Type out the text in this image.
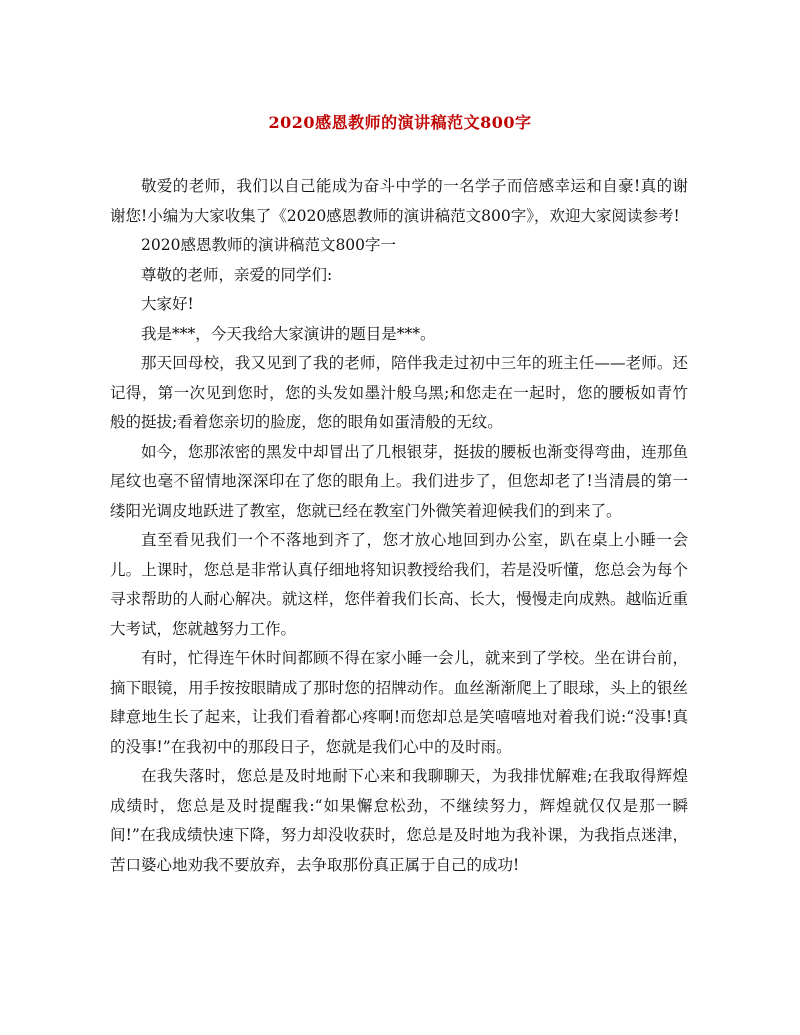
2020感恩教师的演讲稿范文800字

敬爱的老师，我们以自己能成为奋斗中学的一名学子而倍感幸运和自豪!真的谢谢您!小编为大家收集了《2020感恩教师的演讲稿范文800字》，欢迎大家阅读参考!

2020感恩教师的演讲稿范文800字一

尊敬的老师，亲爱的同学们:

大家好!

我是***，今天我给大家演讲的题目是***。

那天回母校，我又见到了我的老师，陪伴我走过初中三年的班主任——老师。还记得，第一次见到您时，您的头发如墨汁般乌黑;和您走在一起时，您的腰板如青竹般的挺拔;看着您亲切的脸庞，您的眼角如蛋清般的无纹。

如今，您那浓密的黑发中却冒出了几根银芽，挺拔的腰板也渐变得弯曲，连那鱼尾纹也毫不留情地深深印在了您的眼角上。我们进步了，但您却老了!当清晨的第一缕阳光调皮地跃进了教室，您就已经在教室门外微笑着迎候我们的到来了。

直至看见我们一个不落地到齐了，您才放心地回到办公室，趴在桌上小睡一会儿。上课时，您总是非常认真仔细地将知识教授给我们，若是没听懂，您总会为每个寻求帮助的人耐心解决。就这样，您伴着我们长高、长大，慢慢走向成熟。越临近重大考试，您就越努力工作。

有时，忙得连午休时间都顾不得在家小睡一会儿，就来到了学校。坐在讲台前，摘下眼镜，用手按按眼睛成了那时您的招牌动作。血丝渐渐爬上了眼球，头上的银丝肆意地生长了起来，让我们看着都心疼啊!而您却总是笑嘻嘻地对着我们说:“没事!真的没事!”在我初中的那段日子，您就是我们心中的及时雨。

在我失落时，您总是及时地耐下心来和我聊聊天，为我排忧解难;在我取得辉煌成绩时，您总是及时提醒我:“如果懈怠松劲，不继续努力，辉煌就仅仅是那一瞬间!”在我成绩快速下降，努力却没收获时，您总是及时地为我补课，为我指点迷津，苦口婆心地劝我不要放弃，去争取那份真正属于自己的成功!
